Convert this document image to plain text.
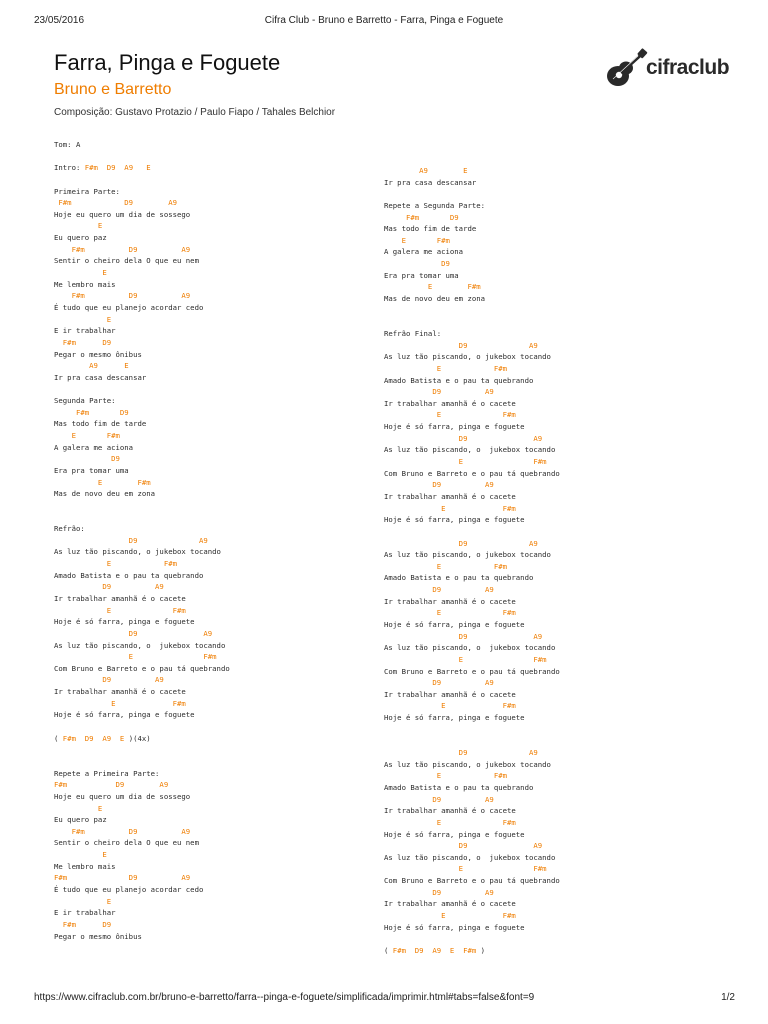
23/05/2016	Cifra Club - Bruno e Barretto - Farra, Pinga e Foguete
Farra, Pinga e Foguete
Bruno e Barretto
Composição: Gustavo Protazio / Paulo Fiapo / Tahales Belchior
cifraclub
Tom: A
Intro: F#m  D9  A9   E
Primeira Parte:
F#m            D9        A9
Hoje eu quero um dia de sossego
E
Eu quero paz
F#m          D9          A9
Sentir o cheiro dela O que eu nem
E
Me lembro mais
F#m          D9          A9
É tudo que eu planejo acordar cedo
E
E ir trabalhar
F#m      D9
Pegar o mesmo ônibus
A9      E
Ir pra casa descansar
Segunda Parte:
F#m       D9
Mas todo fim de tarde
E       F#m
A galera me aciona
D9
Era pra tomar uma
E        F#m
Mas de novo deu em zona
Refrão:
D9              A9
As luz tão piscando, o jukebox tocando
E            F#m
Amado Batista e o pau ta quebrando
D9          A9
Ir trabalhar amanhã é o cacete
E              F#m
Hoje é só farra, pinga e foguete
D9               A9
As luz tão piscando, o  jukebox tocando
E                F#m
Com Bruno e Barreto e o pau tá quebrando
D9          A9
Ir trabalhar amanhã é o cacete
E             F#m
Hoje é só farra, pinga e foguete
( F#m  D9  A9  E )(4x)
Repete a Primeira Parte:
F#m           D9        A9
Hoje eu quero um dia de sossego
E
Eu quero paz
F#m          D9          A9
Sentir o cheiro dela O que eu nem
E
Me lembro mais
F#m              D9          A9
É tudo que eu planejo acordar cedo
E
E ir trabalhar
F#m      D9
Pegar o mesmo ônibus
A9        E
Ir pra casa descansar
Repete a Segunda Parte:
F#m       D9
Mas todo fim de tarde
E       F#m
A galera me aciona
D9
Era pra tomar uma
E        F#m
Mas de novo deu em zona
Refrão Final:
D9              A9
As luz tão piscando, o jukebox tocando
E            F#m
Amado Batista e o pau ta quebrando
D9          A9
Ir trabalhar amanhã é o cacete
E              F#m
Hoje é só farra, pinga e foguete
D9               A9
As luz tão piscando, o  jukebox tocando
E                F#m
Com Bruno e Barreto e o pau tá quebrando
D9          A9
Ir trabalhar amanhã é o cacete
E             F#m
Hoje é só farra, pinga e foguete
D9              A9
As luz tão piscando, o jukebox tocando
E            F#m
Amado Batista e o pau ta quebrando
D9          A9
Ir trabalhar amanhã é o cacete
E              F#m
Hoje é só farra, pinga e foguete
D9               A9
As luz tão piscando, o  jukebox tocando
E                F#m
Com Bruno e Barreto e o pau tá quebrando
D9          A9
Ir trabalhar amanhã é o cacete
E             F#m
Hoje é só farra, pinga e foguete
D9              A9
As luz tão piscando, o jukebox tocando
E            F#m
Amado Batista e o pau ta quebrando
D9          A9
Ir trabalhar amanhã é o cacete
E              F#m
Hoje é só farra, pinga e foguete
D9               A9
As luz tão piscando, o  jukebox tocando
E                F#m
Com Bruno e Barreto e o pau tá quebrando
D9          A9
Ir trabalhar amanhã é o cacete
E             F#m
Hoje é só farra, pinga e foguete
( F#m  D9  A9  E  F#m )
https://www.cifraclub.com.br/bruno-e-barretto/farra--pinga-e-foguete/simplificada/imprimir.html#tabs=false&font=9	1/2
